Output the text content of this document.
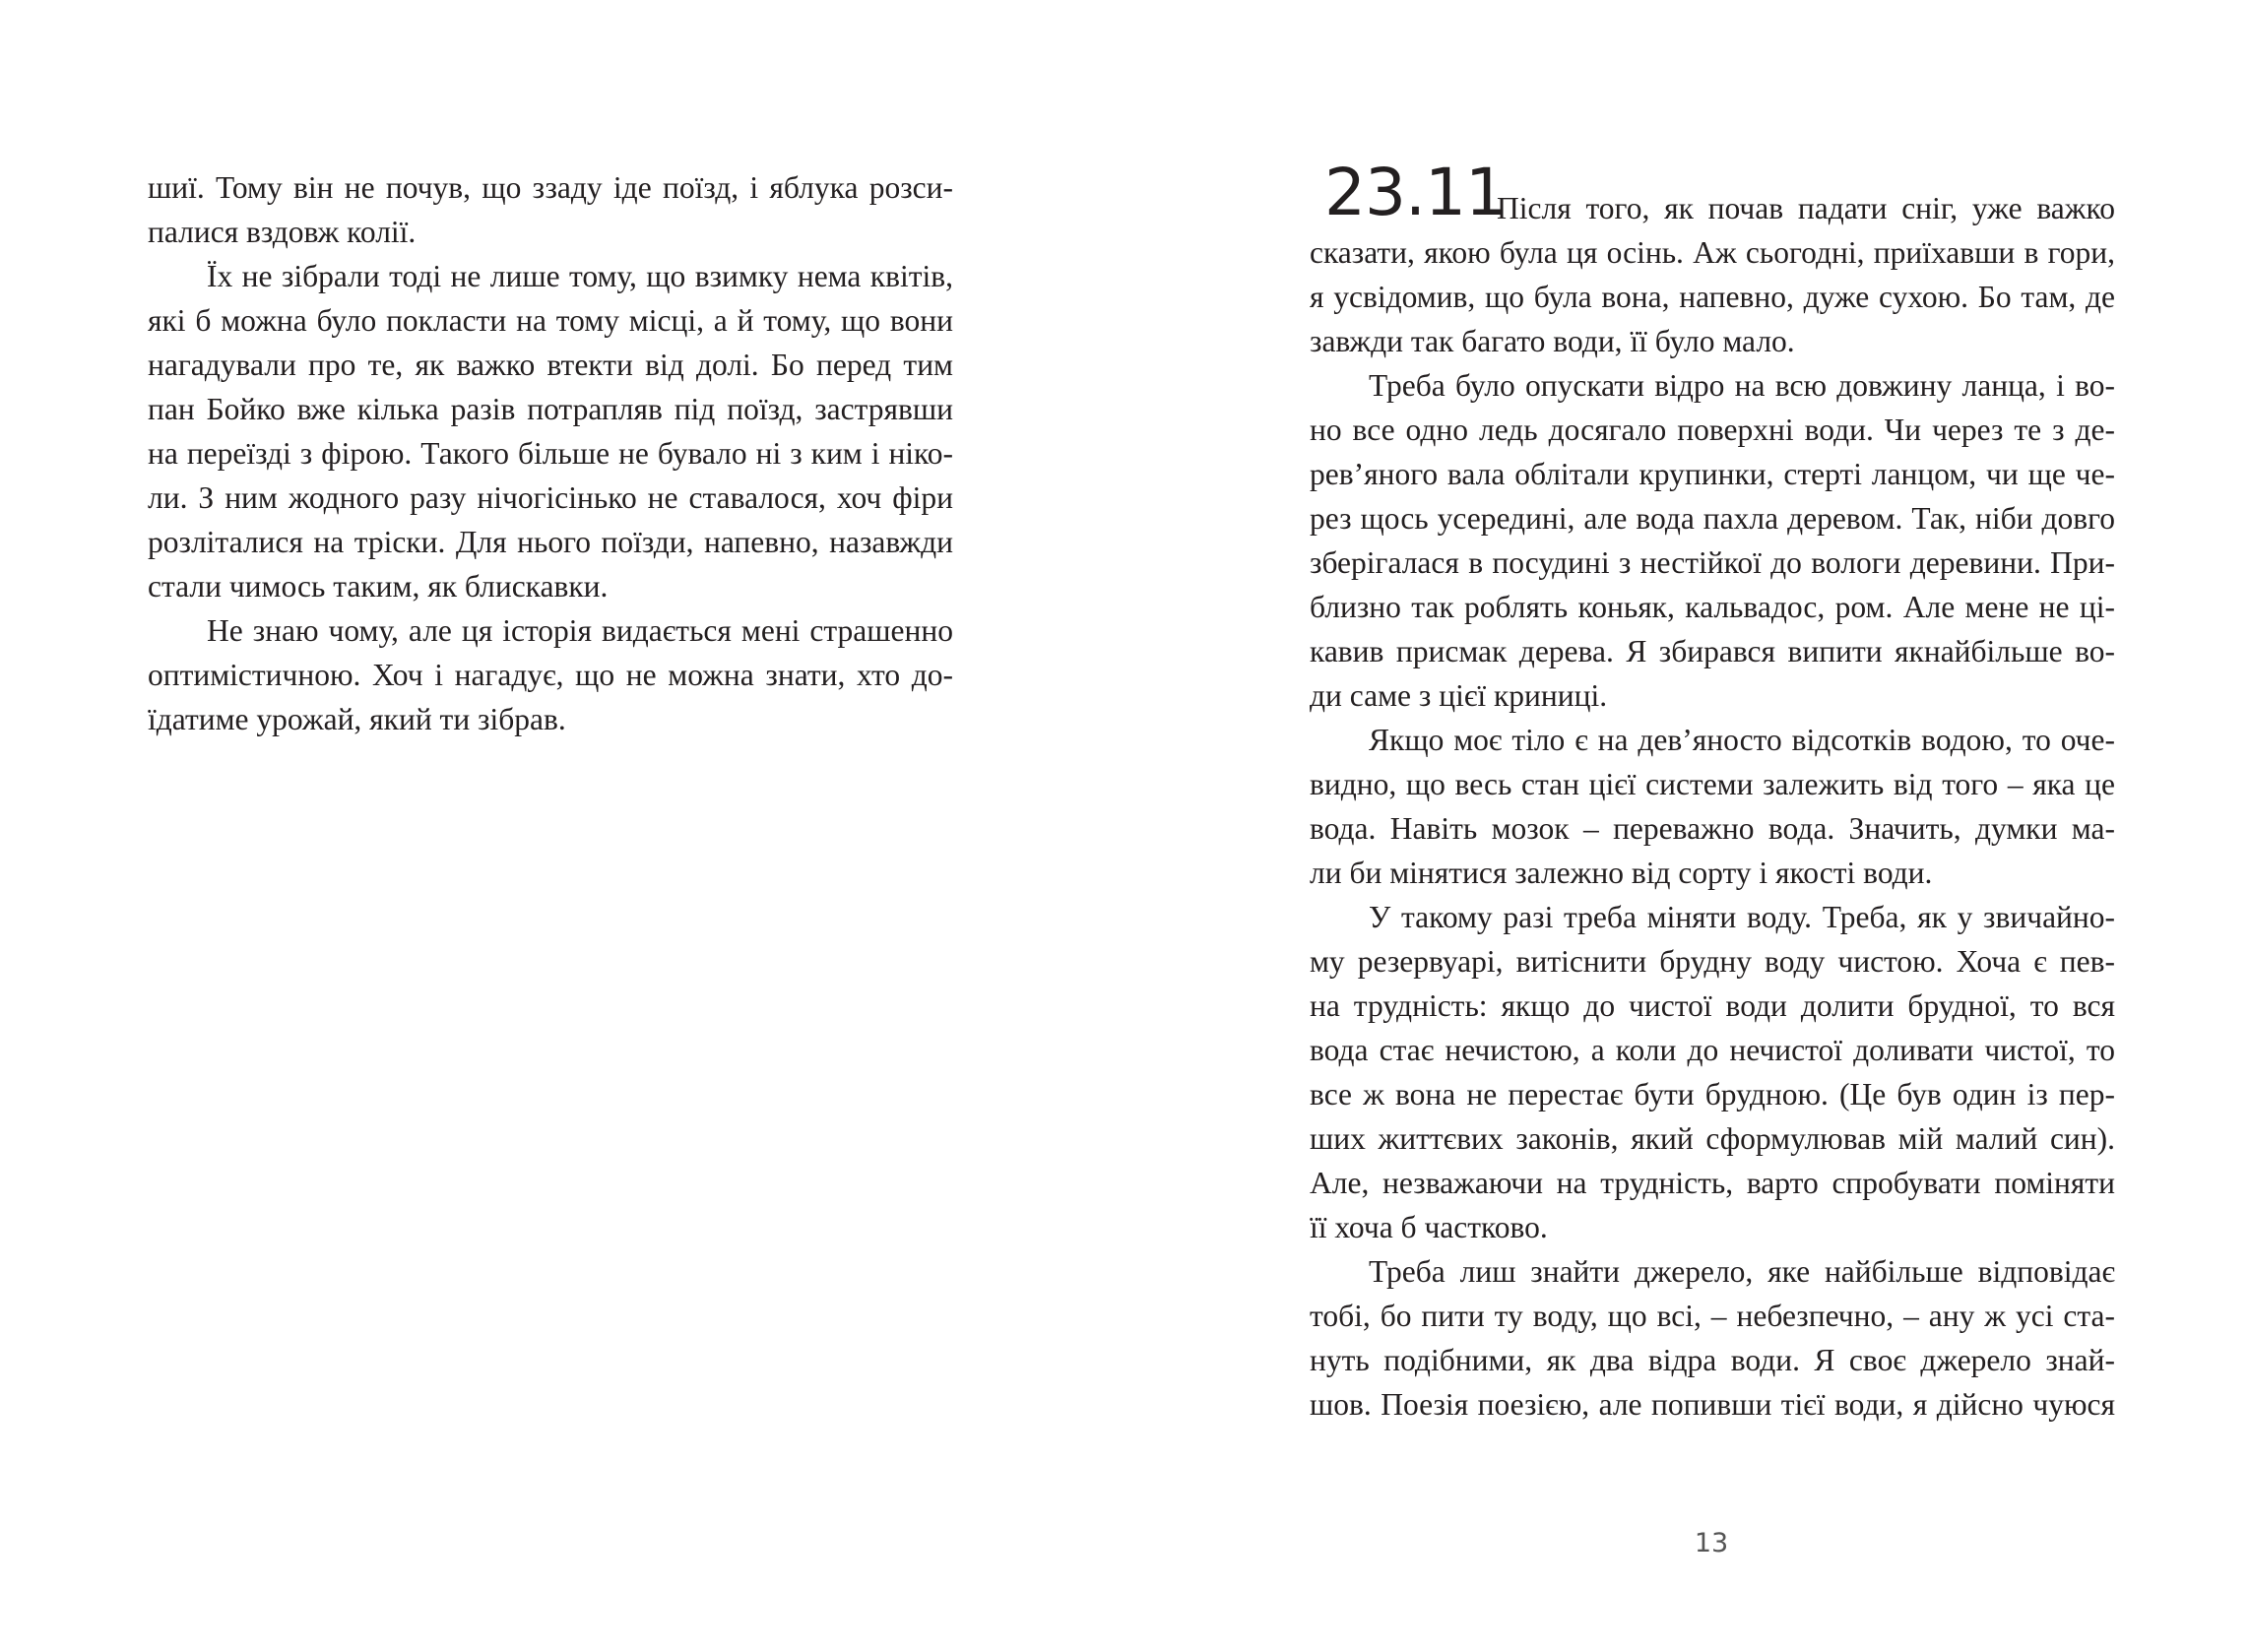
шиї. Тому він не почув, що ззаду іде поїзд, і яблука розси-
палися вздовж колії.
Їх не зібрали тоді не лише тому, що взимку нема квітів,
які б можна було покласти на тому місці, а й тому, що вони
нагадували про те, як важко втекти від долі. Бо перед тим
пан Бойко вже кілька разів потрапляв під поїзд, застрявши
на переїзді з фірою. Такого більше не бувало ні з ким і ніко-
ли. З ним жодного разу нічогісінько не ставалося, хоч фіри
розліталися на тріски. Для нього поїзди, напевно, назавжди
стали чимось таким, як блискавки.
Не знаю чому, але ця історія видається мені страшенно
оптимістичною. Хоч і нагадує, що не можна знати, хто до-
їдатиме урожай, який ти зібрав.
23.11
Після того, як почав падати сніг, уже важко
сказати, якою була ця осінь. Аж сьогодні, приїхавши в гори,
я усвідомив, що була вона, напевно, дуже сухою. Бо там, де
завжди так багато води, її було мало.
Треба було опускати відро на всю довжину ланца, і во-
но все одно ледь досягало поверхні води. Чи через те з де-
рев’яного вала облітали крупинки, стерті ланцом, чи ще че-
рез щось усередині, але вода пахла деревом. Так, ніби довго
зберігалася в посудині з нестійкої до вологи деревини. При-
близно так роблять коньяк, кальвадос, ром. Але мене не ці-
кавив присмак дерева. Я збирався випити якнайбільше во-
ди саме з цієї криниці.
Якщо моє тіло є на дев’яносто відсотків водою, то оче-
видно, що весь стан цієї системи залежить від того – яка це
вода. Навіть мозок – переважно вода. Значить, думки ма-
ли би мінятися залежно від сорту і якості води.
У такому разі треба міняти воду. Треба, як у звичайно-
му резервуарі, витіснити брудну воду чистою. Хоча є пев-
на трудність: якщо до чистої води долити брудної, то вся
вода стає нечистою, а коли до нечистої доливати чистої, то
все ж вона не перестає бути брудною. (Це був один із пер-
ших життєвих законів, який сформулював мій малий син).
Але, незважаючи на трудність, варто спробувати поміняти
її хоча б частково.
Треба лиш знайти джерело, яке найбільше відповідає
тобі, бо пити ту воду, що всі, – небезпечно, – ану ж усі ста-
нуть подібними, як два відра води. Я своє джерело знай-
шов. Поезія поезією, але попивши тієї води, я дійсно чуюся
13
